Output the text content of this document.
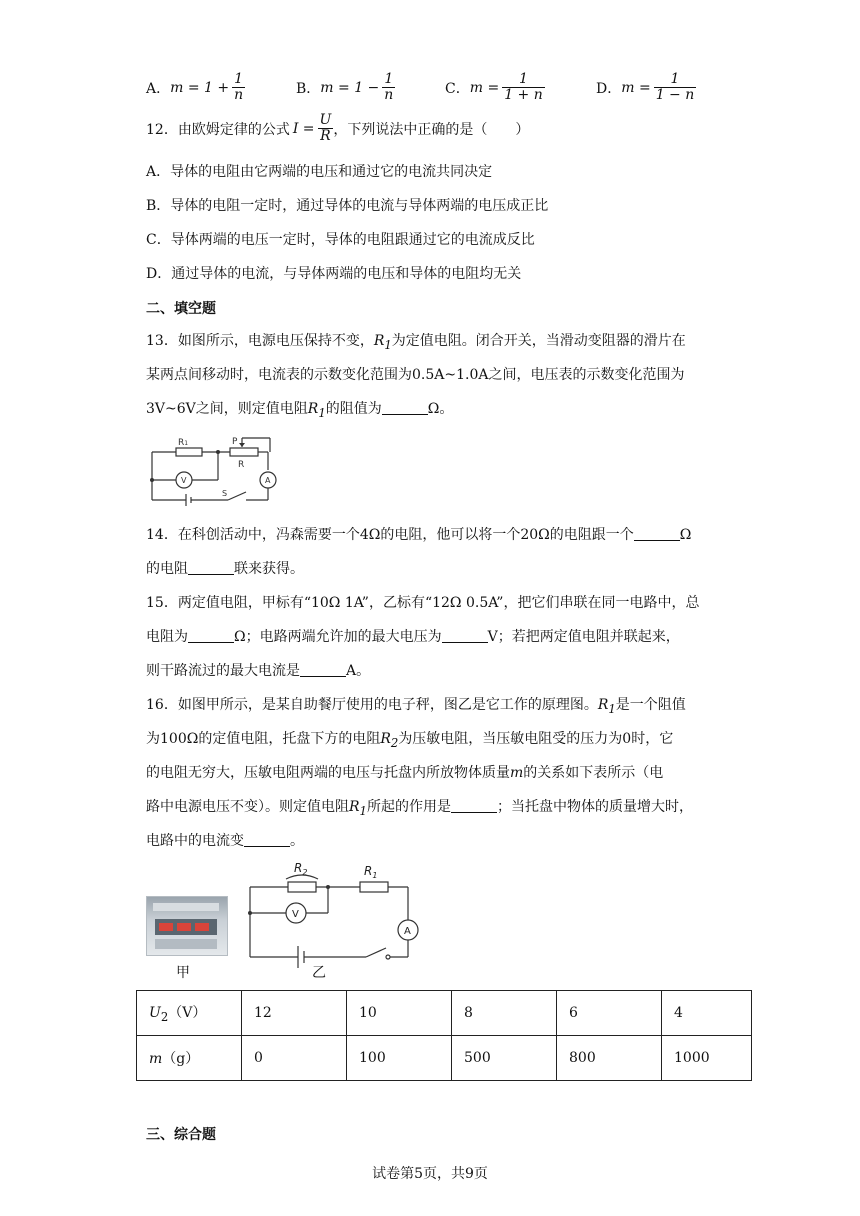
A． $m = 1 + \frac{1}{n}$	B． $m = 1 - \frac{1}{n}$	C． $m = \frac{1}{1 + n}$	D． $m = \frac{1}{1 - n}$
12．由欧姆定律的公式 $I = \frac{U}{R}$ ，下列说法中正确的是（　　）
A．导体的电阻由它两端的电压和通过它的电流共同决定
B．导体的电阻一定时，通过导体的电流与导体两端的电压成正比
C．导体两端的电压一定时，导体的电阻跟通过它的电流成反比
D．通过导体的电流，与导体两端的电压和导体的电阻均无关
二、填空题
13．如图所示，电源电压保持不变，$R_1$为定值电阻。闭合开关，当滑动变阻器的滑片在
某两点间移动时，电流表的示数变化范围为0.5A~1.0A之间，电压表的示数变化范围为
3V~6V之间，则定值电阻$R_1$的阻值为	Ω。
R1	P
R
V	A
S
14．在科创活动中，冯森需要一个4Ω的电阻，他可以将一个20Ω的电阻跟一个	Ω
的电阻	联来获得。
15．两定值电阻，甲标有“10Ω 1A”，乙标有“12Ω 0.5A”，把它们串联在同一电路中，总
电阻为	Ω；电路两端允许加的最大电压为	V；若把两定值电阻并联起来，
则干路流过的最大电流是	A。
16．如图甲所示，是某自助餐厅使用的电子秤，图乙是它工作的原理图。$R_1$是一个阻值
为100Ω的定值电阻，托盘下方的电阻$R_2$为压敏电阻，当压敏电阻受的压力为0时，它
的电阻无穷大，压敏电阻两端的电压与托盘内所放物体质量m的关系如下表所示（电
路中电源电压不变）。则定值电阻$R_1$所起的作用是	；当托盘中物体的质量增大时，
电路中的电流变	。
甲
$R_2$	$R_1$
V
A
乙
$U_2(V)$	12	10	8	6	4
m（g）	0	100	500	800	1000
三、综合题
试卷第5页，共9页
